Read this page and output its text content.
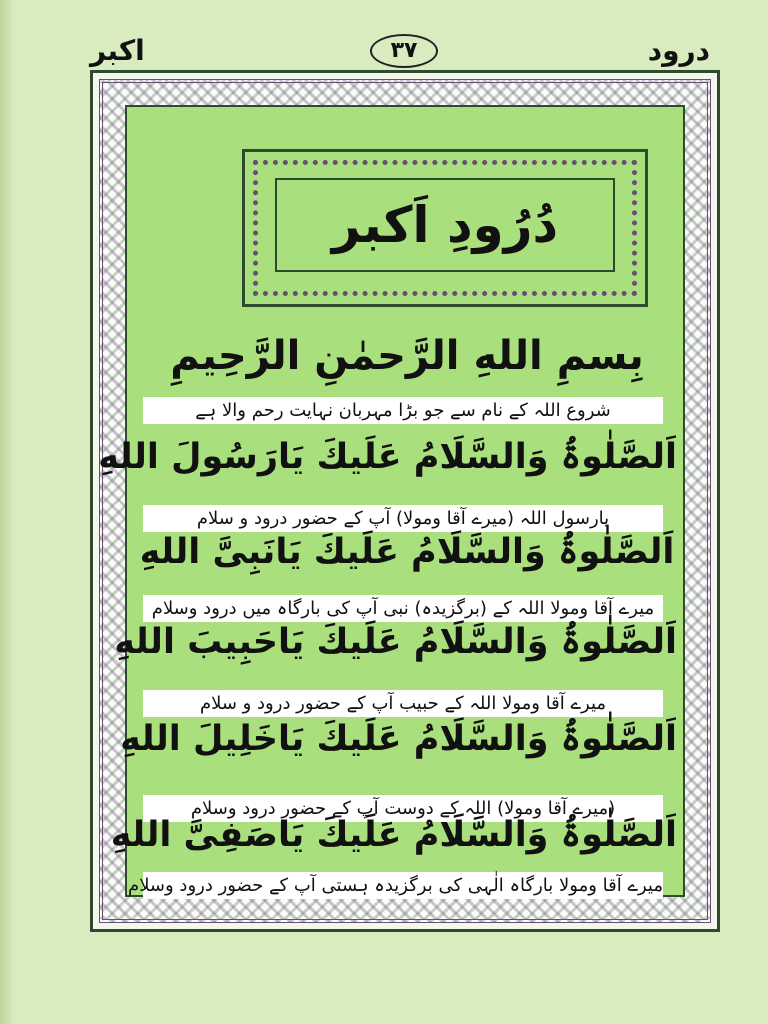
اکبر	۳۷	درود
دُرُودِ اَکبر
بِسمِ اللهِ الرَّحمٰنِ الرَّحِیمِ
شروع اللہ کے نام سے جو بڑا مہربان نہایت رحم والا ہے
اَلصَّلٰوۃُ وَالسَّلَامُ عَلَیكَ یَارَسُولَ اللهِ
یارسول اللہ (میرے آقا ومولا) آپ کے حضور درود و سلام
اَلصَّلٰوۃُ وَالسَّلَامُ عَلَیكَ یَانَبِیَّ اللهِ
میرے آقا ومولا اللہ کے (برگزیدہ) نبی آپ کی بارگاہ میں درود وسلام
اَلصَّلٰوۃُ وَالسَّلَامُ عَلَیكَ یَاحَبِیبَ اللهِ
میرے آقا ومولا اللہ کے حبیب آپ کے حضور درود و سلام
اَلصَّلٰوۃُ وَالسَّلَامُ عَلَیكَ یَاخَلِیلَ اللهِ
(میرے آقا ومولا) اللہ کے دوست آپ کے حضور درود وسلام
اَلصَّلٰوۃُ وَالسَّلَامُ عَلَیكَ یَاصَفِیَّ اللهِ
میرے آقا ومولا بارگاہ الٰہی کی برگزیدہ ہستی آپ کے حضور درود وسلام
